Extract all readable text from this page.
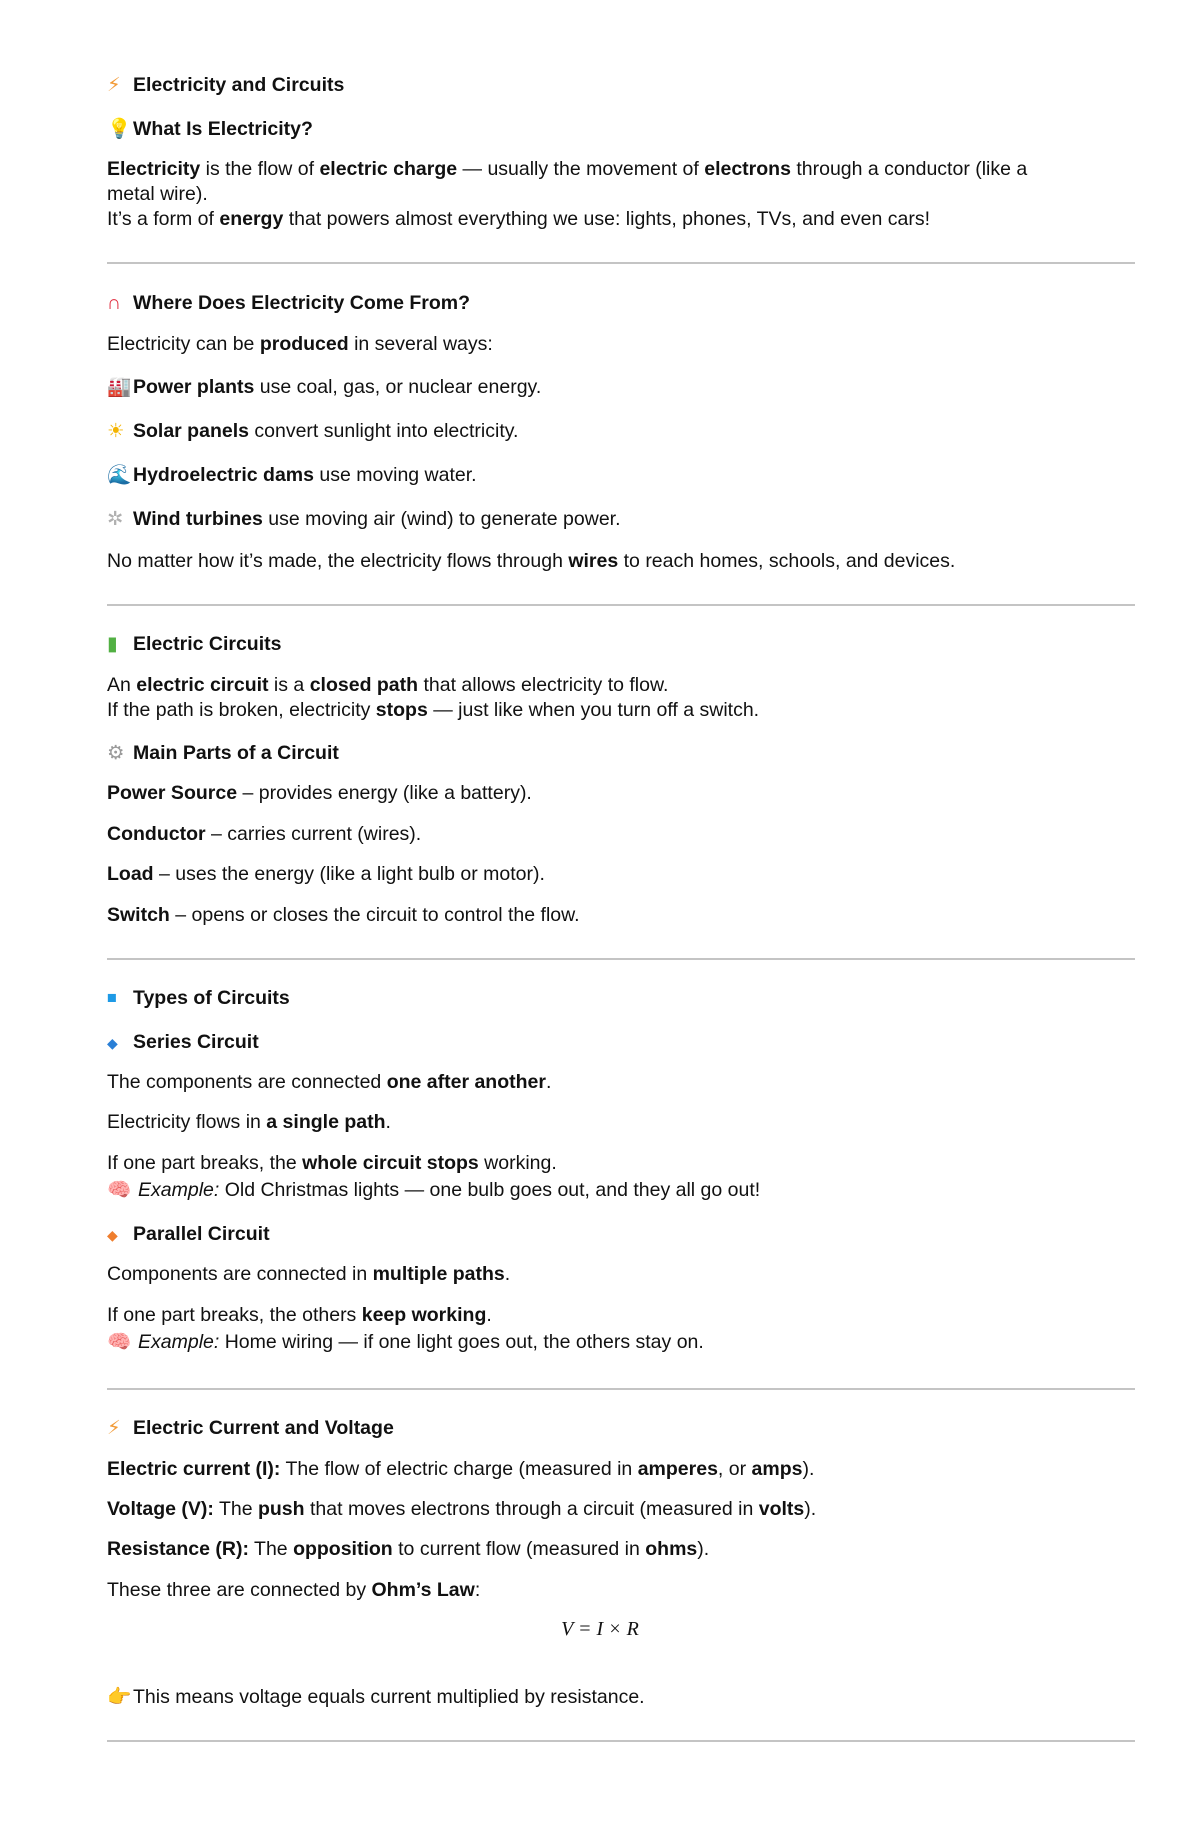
⚡ Electricity and Circuits
💡What Is Electricity?
Electricity is the flow of electric charge — usually the movement of electrons through a conductor (like a
metal wire).
It’s a form of energy that powers almost everything we use: lights, phones, TVs, and even cars!
∩ Where Does Electricity Come From?
Electricity can be produced in several ways:
🏭Power plants use coal, gas, or nuclear energy.
☀ Solar panels convert sunlight into electricity.
🌊Hydroelectric dams use moving water.
✲ Wind turbines use moving air (wind) to generate power.
No matter how it’s made, the electricity flows through wires to reach homes, schools, and devices.
▮ Electric Circuits
An electric circuit is a closed path that allows electricity to flow.
If the path is broken, electricity stops — just like when you turn off a switch.
⚙ Main Parts of a Circuit
Power Source – provides energy (like a battery).
Conductor – carries current (wires).
Load – uses the energy (like a light bulb or motor).
Switch – opens or closes the circuit to control the flow.
⏹ Types of Circuits
◆ Series Circuit
The components are connected one after another.
Electricity flows in a single path.
If one part breaks, the whole circuit stops working.
🧠 Example: Old Christmas lights — one bulb goes out, and they all go out!
◆ Parallel Circuit
Components are connected in multiple paths.
If one part breaks, the others keep working.
🧠 Example: Home wiring — if one light goes out, the others stay on.
⚡ Electric Current and Voltage
Electric current (I): The flow of electric charge (measured in amperes, or amps).
Voltage (V): The push that moves electrons through a circuit (measured in volts).
Resistance (R): The opposition to current flow (measured in ohms).
These three are connected by Ohm’s Law:
V = I × R
👉This means voltage equals current multiplied by resistance.
